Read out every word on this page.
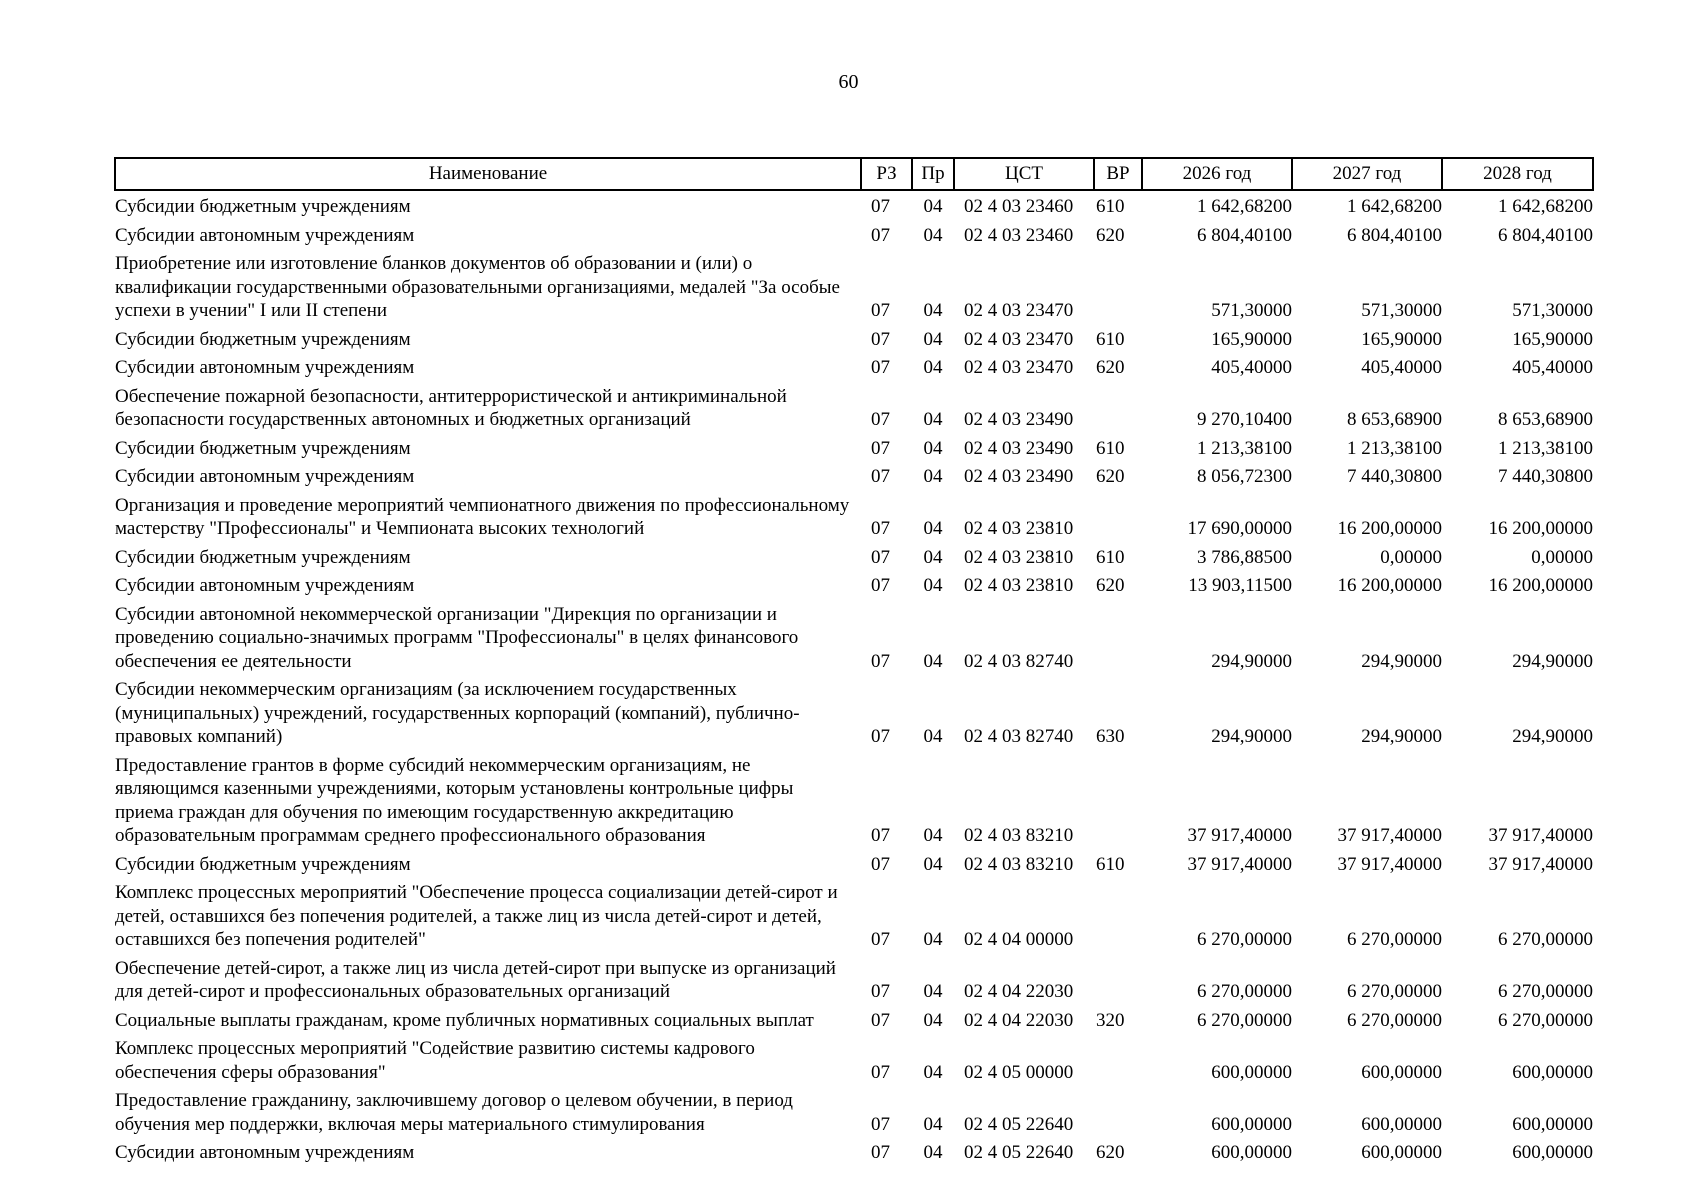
60
Наименование	РЗ	Пр	ЦСТ	ВР	2026 год	2027 год	2028 год
Субсидии бюджетным учреждениям	07	04	02 4 03 23460	610	1 642,68200	1 642,68200	1 642,68200
Субсидии автономным учреждениям	07	04	02 4 03 23460	620	6 804,40100	6 804,40100	6 804,40100
Приобретение или изготовление бланков документов об образовании и (или) о квалификации государственными образовательными организациями, медалей "За особые успехи в учении" I или II степени	07	04	02 4 03 23470		571,30000	571,30000	571,30000
Субсидии бюджетным учреждениям	07	04	02 4 03 23470	610	165,90000	165,90000	165,90000
Субсидии автономным учреждениям	07	04	02 4 03 23470	620	405,40000	405,40000	405,40000
Обеспечение пожарной безопасности, антитеррористической и антикриминальной безопасности государственных автономных и бюджетных организаций	07	04	02 4 03 23490		9 270,10400	8 653,68900	8 653,68900
Субсидии бюджетным учреждениям	07	04	02 4 03 23490	610	1 213,38100	1 213,38100	1 213,38100
Субсидии автономным учреждениям	07	04	02 4 03 23490	620	8 056,72300	7 440,30800	7 440,30800
Организация и проведение мероприятий чемпионатного движения по профессиональному мастерству "Профессионалы" и Чемпионата высоких технологий	07	04	02 4 03 23810		17 690,00000	16 200,00000	16 200,00000
Субсидии бюджетным учреждениям	07	04	02 4 03 23810	610	3 786,88500	0,00000	0,00000
Субсидии автономным учреждениям	07	04	02 4 03 23810	620	13 903,11500	16 200,00000	16 200,00000
Субсидии автономной некоммерческой организации "Дирекция по организации и проведению социально-значимых программ "Профессионалы" в целях финансового обеспечения ее деятельности	07	04	02 4 03 82740		294,90000	294,90000	294,90000
Субсидии некоммерческим организациям (за исключением государственных (муниципальных) учреждений, государственных корпораций (компаний), публично-правовых компаний)	07	04	02 4 03 82740	630	294,90000	294,90000	294,90000
Предоставление грантов в форме субсидий некоммерческим организациям, не являющимся казенными учреждениями, которым установлены контрольные цифры приема граждан для обучения по имеющим государственную аккредитацию образовательным программам среднего профессионального образования	07	04	02 4 03 83210		37 917,40000	37 917,40000	37 917,40000
Субсидии бюджетным учреждениям	07	04	02 4 03 83210	610	37 917,40000	37 917,40000	37 917,40000
Комплекс процессных мероприятий "Обеспечение процесса социализации детей-сирот и детей, оставшихся без попечения родителей, а также лиц из числа детей-сирот и детей, оставшихся без попечения родителей"	07	04	02 4 04 00000		6 270,00000	6 270,00000	6 270,00000
Обеспечение детей-сирот, а также лиц из числа детей-сирот при выпуске из организаций для детей-сирот и профессиональных образовательных организаций	07	04	02 4 04 22030		6 270,00000	6 270,00000	6 270,00000
Социальные выплаты гражданам, кроме публичных нормативных социальных выплат	07	04	02 4 04 22030	320	6 270,00000	6 270,00000	6 270,00000
Комплекс процессных мероприятий "Содействие развитию системы кадрового обеспечения сферы образования"	07	04	02 4 05 00000		600,00000	600,00000	600,00000
Предоставление гражданину, заключившему договор о целевом обучении, в период обучения мер поддержки, включая меры материального стимулирования	07	04	02 4 05 22640		600,00000	600,00000	600,00000
Субсидии автономным учреждениям	07	04	02 4 05 22640	620	600,00000	600,00000	600,00000
